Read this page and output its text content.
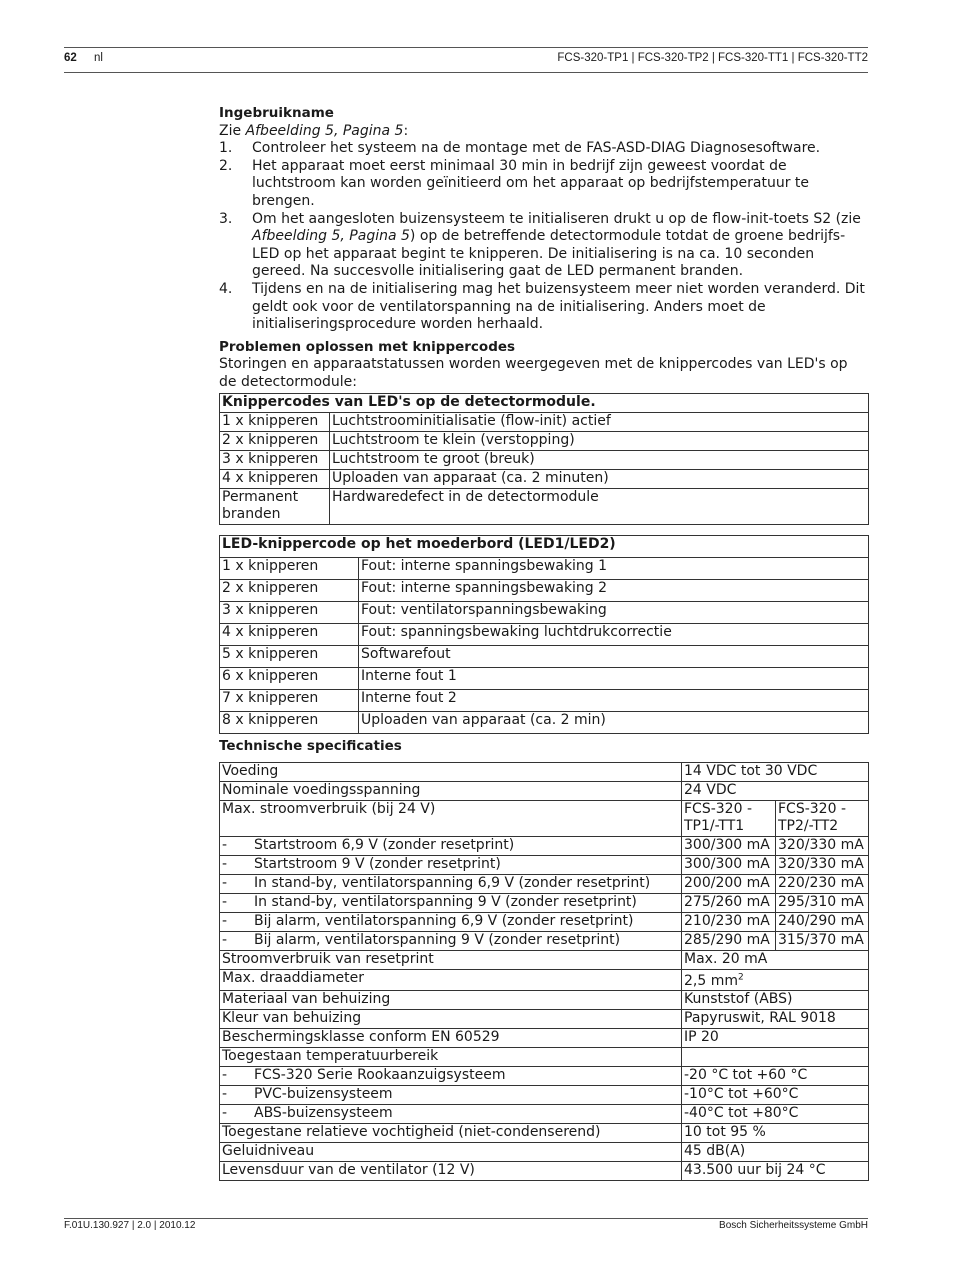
62 nl	FCS-320-TP1 | FCS-320-TP2 | FCS-320-TT1 | FCS-320-TT2
Ingebruikname

Zie Afbeelding 5, Pagina 5:

1. Controleer het systeem na de montage met de FAS-ASD-DIAG Diagnosesoftware.
2. Het apparaat moet eerst minimaal 30 min in bedrijf zijn geweest voordat de luchtstroom kan worden geïnitieerd om het apparaat op bedrijfstemperatuur te brengen.
3. Om het aangesloten buizensysteem te initialiseren drukt u op de flow-init-toets S2 (zie Afbeelding 5, Pagina 5) op de betreffende detectormodule totdat de groene bedrijfs-LED op het apparaat begint te knipperen. De initialisering is na ca. 10 seconden gereed. Na succesvolle initialisering gaat de LED permanent branden.
4. Tijdens en na de initialisering mag het buizensysteem meer niet worden veranderd. Dit geldt ook voor de ventilatorspanning na de initialisering. Anders moet de initialiseringsprocedure worden herhaald.
Problemen oplossen met knippercodes

Storingen en apparaatstatussen worden weergegeven met de knippercodes van LED's op de detectormodule:

Knippercodes van LED's op de detectormodule.	
1 x knipperen	Luchtstroominitialisatie (flow-init) actief
2 x knipperen	Luchtstroom te klein (verstopping)
3 x knipperen	Luchtstroom te groot (breuk)
4 x knipperen	Uploaden van apparaat (ca. 2 minuten)
Permanent branden	Hardwaredefect in de detectormodule
LED-knippercode op het moederbord (LED1/LED2)	
1 x knipperen	Fout: interne spanningsbewaking 1
2 x knipperen	Fout: interne spanningsbewaking 2
3 x knipperen	Fout: ventilatorspanningsbewaking
4 x knipperen	Fout: spanningsbewaking luchtdrukcorrectie
5 x knipperen	Softwarefout
6 x knipperen	Interne fout 1
7 x knipperen	Interne fout 2
8 x knipperen	Uploaden van apparaat (ca. 2 min)
Technische specificaties
Voeding	14 VDC tot 30 VDC	
Nominale voedingsspanning	24 VDC	
Max. stroomverbruik (bij 24 V)	FCS-320 -TP1/-TT1	FCS-320 -TP2/-TT2
- Startstroom 6,9 V (zonder resetprint)	300/300 mA	320/330 mA
- Startstroom 9 V (zonder resetprint)	300/300 mA	320/330 mA
- In stand-by, ventilatorspanning 6,9 V (zonder resetprint)	200/200 mA	220/230 mA
- In stand-by, ventilatorspanning 9 V (zonder resetprint)	275/260 mA	295/310 mA
- Bij alarm, ventilatorspanning 6,9 V (zonder resetprint)	210/230 mA	240/290 mA
- Bij alarm, ventilatorspanning 9 V (zonder resetprint)	285/290 mA	315/370 mA
Stroomverbruik van resetprint	Max. 20 mA	
Max. draaddiameter	2,5 $mm^2$
Materiaal van behuizing	Kunststof (ABS)	
Kleur van behuizing	Papyruswit, RAL 9018	
Beschermingsklasse conform EN 60529	IP 20	
Toegestaan temperatuurbereik		
- FCS-320 Serie Rookaanzuigsysteem	-20 °C tot +60 °C	
- PVC-buizensysteem	-10°C tot +60°C	
- ABS-buizensysteem	-40°C tot +80°C	
Toegestane relatieve vochtigheid (niet-condenserend)	10 tot 95 %	
Geluidniveau	45 dB(A)	
Levensduur van de ventilator (12 V)	43.500 uur bij 24 °C	
F.01U.130.927 | 2.0 | 2010.12	Bosch Sicherheitssysteme GmbH
